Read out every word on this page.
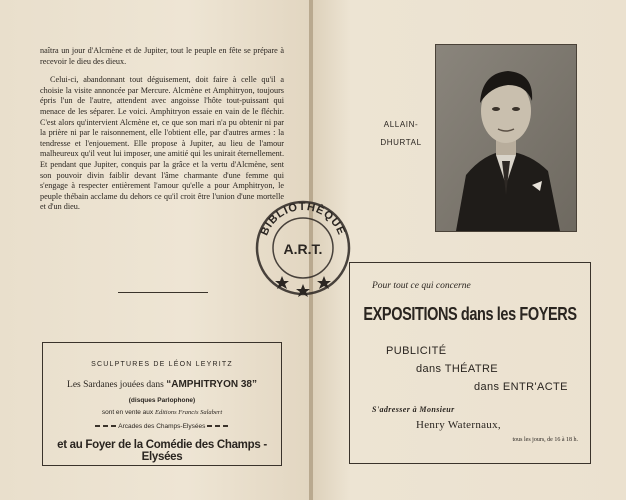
naîtra un jour d'Alcmène et de Jupiter, tout le peuple en fête se prépare à recevoir le dieu des dieux.

Celui-ci, abandonnant tout déguisement, doit faire à celle qu'il a choisie la visite annoncée par Mercure. Alcmène et Amphitryon, toujours épris l'un de l'autre, attendent avec angoisse l'hôte tout-puissant qui menace de les séparer. Le voici. Amphitryon essaie en vain de le fléchir. C'est alors qu'intervient Alcmène et, ce que son mari n'a pu obtenir ni par la prière ni par le raisonnement, elle l'obtient elle, par d'autres armes : la tendresse et l'enjouement. Elle propose à Jupiter, au lieu de l'amour malheureux qu'il veut lui imposer, une amitié qui les unirait éternellement. Et pendant que Jupiter, conquis par la grâce et la vertu d'Alcmène, sent son pouvoir divin faiblir devant l'âme charmante d'une femme qui s'engage à respecter entièrement l'amour qu'elle a pour Amphitryon, le peuple thébain acclame du dehors ce qu'il croit être l'union d'une mortelle et d'un dieu.

SCULPTURES DE LÉON LEYRITZ
Les Sardanes jouées dans “AMPHITRYON 38”
(disques Parlophone)
sont en vente aux Editions Francis Salabert
Arcades des Champs-Elysées
et au Foyer de la Comédie des Champs - Elysées
ALLAIN-
DHURTAL
Pour tout ce qui concerne
EXPOSITIONS dans les FOYERS
PUBLICITÉ
dans THÉATRE
dans ENTR'ACTE
S'adresser à Monsieur
Henry Waternaux,
tous les jours, de 16 à 18 h.
BIBLIOTHÈQUE
A.R.T.
